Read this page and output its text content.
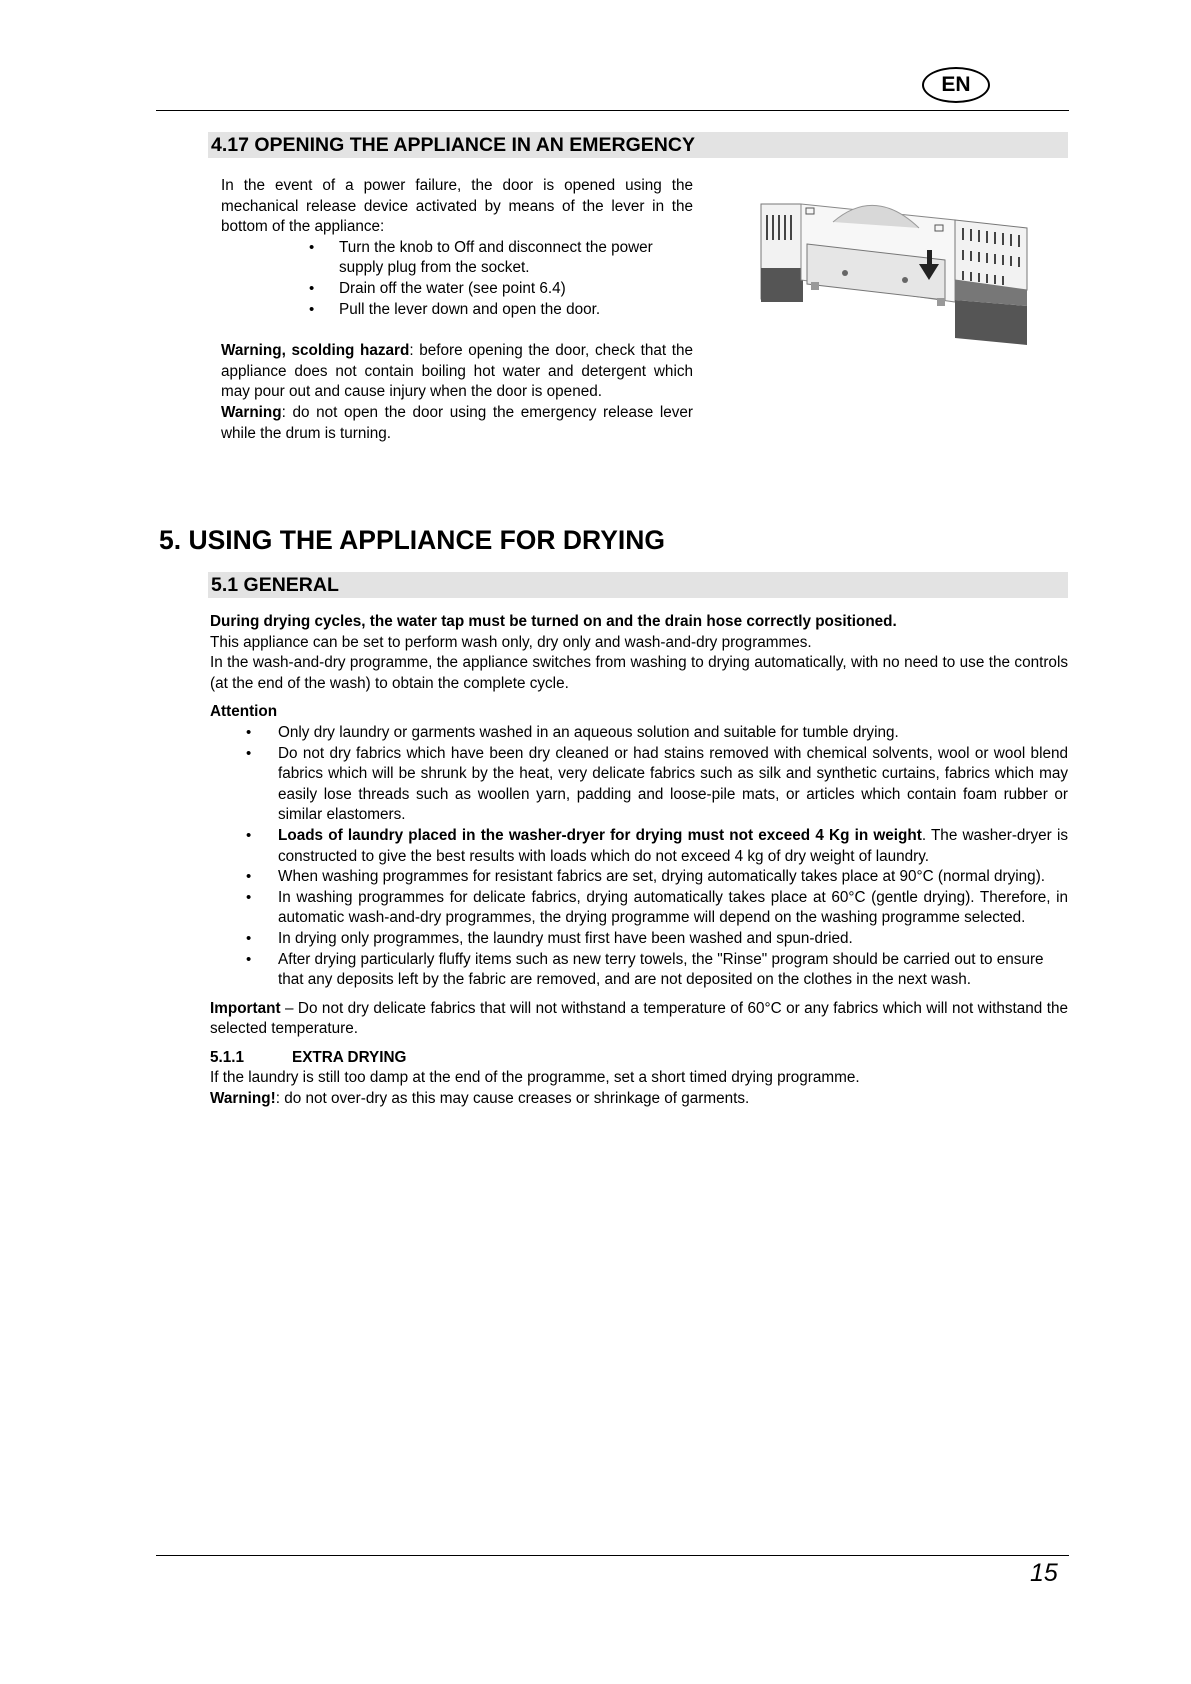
EN
4.17 OPENING THE APPLIANCE IN AN EMERGENCY
In the event of a power failure, the door is opened using the mechanical release device activated by means of the lever in the bottom of the appliance:
• Turn the knob to Off and disconnect the power supply plug from the socket.
• Drain off the water (see point 6.4)
• Pull the lever down and open the door.
Warning, scolding hazard: before opening the door, check that the appliance does not contain boiling hot water and detergent which may pour out and cause injury when the door is opened.
Warning: do not open the door using the emergency release lever while the drum is turning.
5. USING THE APPLIANCE FOR DRYING
5.1 GENERAL
During drying cycles, the water tap must be turned on and the drain hose correctly positioned.
This appliance can be set to perform wash only, dry only and wash-and-dry programmes.
In the wash-and-dry programme, the appliance switches from washing to drying automatically, with no need to use the controls (at the end of the wash) to obtain the complete cycle.
Attention
• Only dry laundry or garments washed in an aqueous solution and suitable for tumble drying.
• Do not dry fabrics which have been dry cleaned or had stains removed with chemical solvents, wool or wool blend fabrics which will be shrunk by the heat, very delicate fabrics such as silk and synthetic curtains, fabrics which may easily lose threads such as woollen yarn, padding and loose-pile mats, or articles which contain foam rubber or similar elastomers.
• Loads of laundry placed in the washer-dryer for drying must not exceed 4 Kg in weight. The washer-dryer is constructed to give the best results with loads which do not exceed 4 kg of dry weight of laundry.
• When washing programmes for resistant fabrics are set, drying automatically takes place at 90°C (normal drying).
• In washing programmes for delicate fabrics, drying automatically takes place at 60°C (gentle drying). Therefore, in automatic wash-and-dry programmes, the drying programme will depend on the washing programme selected.
• In drying only programmes, the laundry must first have been washed and spun-dried.
• After drying particularly fluffy items such as new terry towels, the "Rinse" program should be carried out to ensure that any deposits left by the fabric are removed, and are not deposited on the clothes in the next wash.
Important – Do not dry delicate fabrics that will not withstand a temperature of 60°C or any fabrics which will not withstand the selected temperature.
5.1.1	EXTRA DRYING
If the laundry is still too damp at the end of the programme, set a short timed drying programme.
Warning!: do not over-dry as this may cause creases or shrinkage of garments.
15
